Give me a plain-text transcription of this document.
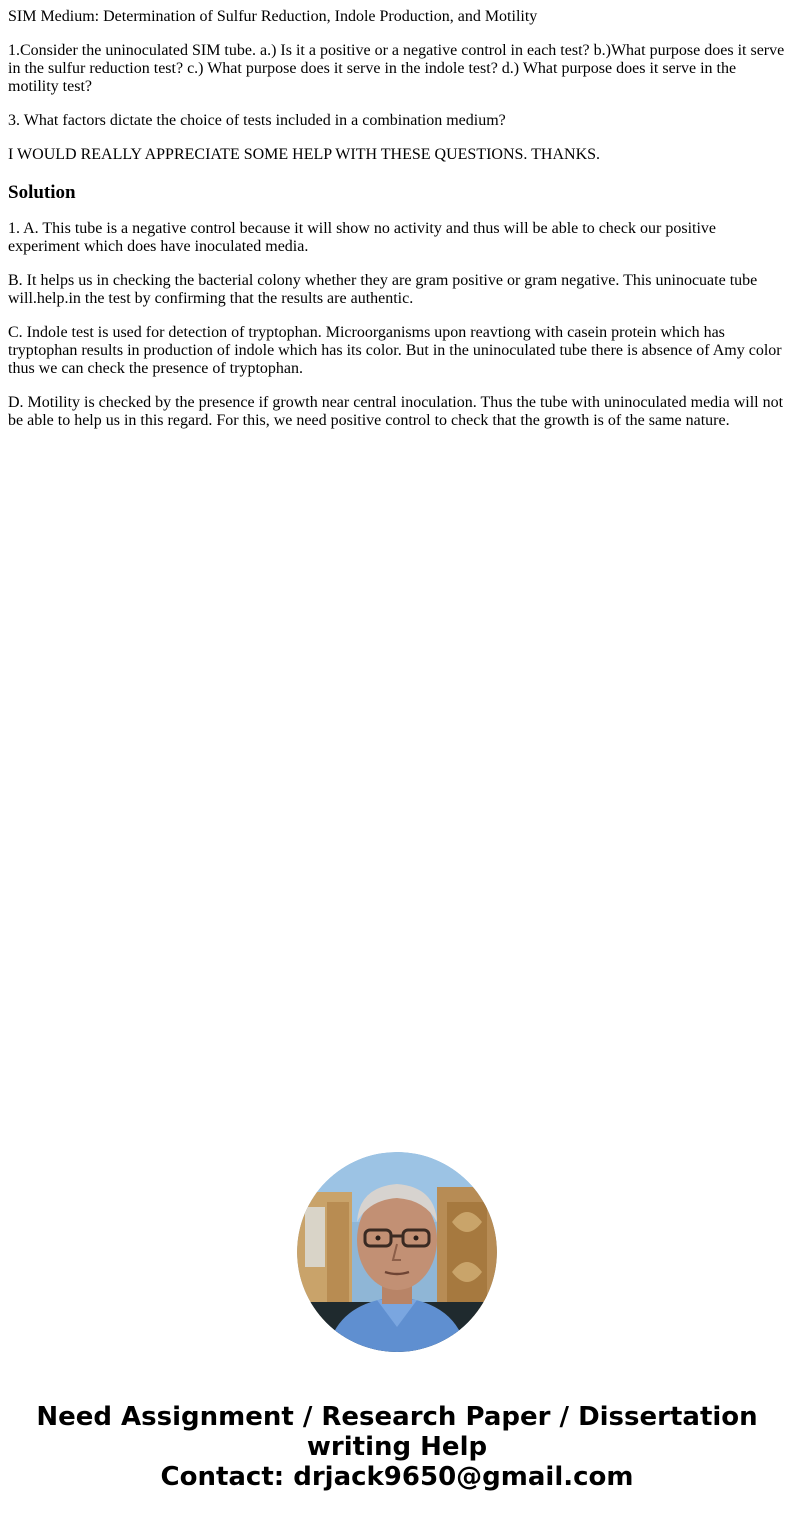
SIM Medium: Determination of Sulfur Reduction, Indole Production, and Motility

1.Consider the uninoculated SIM tube. a.) Is it a positive or a negative control in each test? b.)What purpose does it serve in the sulfur reduction test? c.) What purpose does it serve in the indole test? d.) What purpose does it serve in the motility test?

3. What factors dictate the choice of tests included in a combination medium?

I WOULD REALLY APPRECIATE SOME HELP WITH THESE QUESTIONS. THANKS.

Solution

1. A. This tube is a negative control because it will show no activity and thus will be able to check our positive experiment which does have inoculated media.

B. It helps us in checking the bacterial colony whether they are gram positive or gram negative. This uninocuate tube will.help.in the test by confirming that the results are authentic.

C. Indole test is used for detection of tryptophan. Microorganisms upon reavtiong with casein protein which has tryptophan results in production of indole which has its color. But in the uninoculated tube there is absence of Amy color thus we can check the presence of tryptophan.

D. Motility is checked by the presence if growth near central inoculation. Thus the tube with uninoculated media will not be able to help us in this regard. For this, we need positive control to check that the growth is of the same nature.

Need Assignment / Research Paper / Dissertation
writing Help
Contact: drjack9650@gmail.com
